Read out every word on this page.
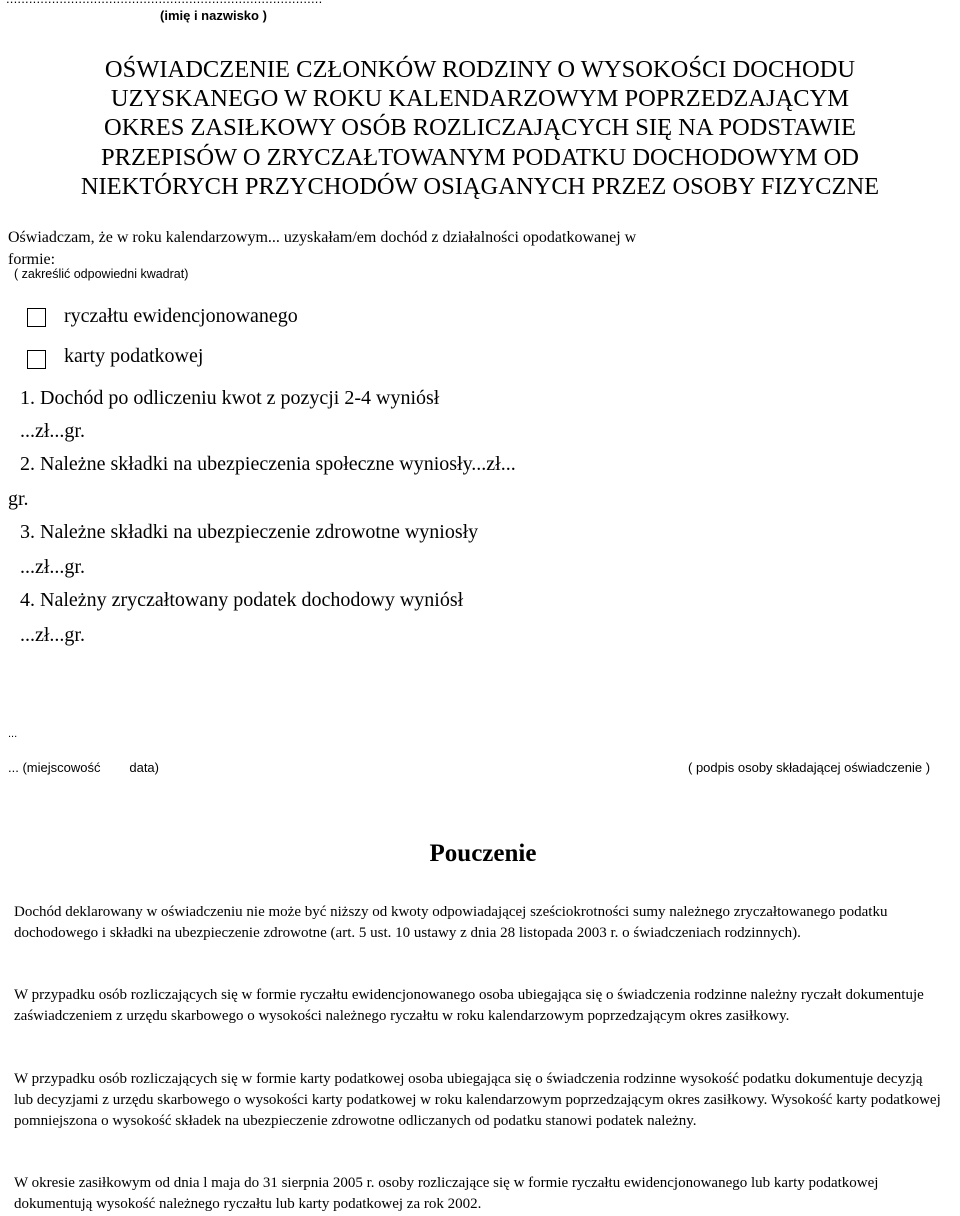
(imię i nazwisko )
OŚWIADCZENIE CZŁONKÓW RODZINY O WYSOKOŚCI DOCHODU
UZYSKANEGO W ROKU KALENDARZOWYM POPRZEDZAJĄCYM
OKRES ZASIŁKOWY OSÓB ROZLICZAJĄCYCH SIĘ NA PODSTAWIE
PRZEPISÓW O ZRYCZAŁTOWANYM PODATKU DOCHODOWYM OD
NIEKTÓRYCH PRZYCHODÓW OSIĄGANYCH PRZEZ OSOBY FIZYCZNE
Oświadczam, że w roku kalendarzowym... uzyskałam/em dochód z działalności opodatkowanej w
formie:
( zakreślić odpowiedni kwadrat)
ryczałtu ewidencjonowanego
karty podatkowej
1. Dochód po odliczeniu kwot z pozycji 2-4 wyniósł
...zł...gr.
2. Należne składki na ubezpieczenia społeczne wyniosły...zł...
gr.
3. Należne składki na ubezpieczenie zdrowotne wyniosły
...zł...gr.
4. Należny zryczałtowany podatek dochodowy wyniósł
...zł...gr.
...
... (miejscowość        data)	( podpis osoby składającej oświadczenie )
Pouczenie
Dochód deklarowany w oświadczeniu nie może być niższy od kwoty odpowiadającej sześciokrotności sumy należnego zryczałtowanego podatku dochodowego i składki na ubezpieczenie zdrowotne (art. 5 ust. 10 ustawy z dnia 28 listopada 2003 r. o świadczeniach rodzinnych).
W przypadku osób rozliczających się w formie ryczałtu ewidencjonowanego osoba ubiegająca się o świadczenia rodzinne należny ryczałt dokumentuje zaświadczeniem z urzędu skarbowego o wysokości należnego ryczałtu w roku kalendarzowym poprzedzającym okres zasiłkowy.
W przypadku osób rozliczających się w formie karty podatkowej osoba ubiegająca się o świadczenia rodzinne wysokość podatku dokumentuje decyzją lub decyzjami z urzędu skarbowego o wysokości karty podatkowej w roku kalendarzowym poprzedzającym okres zasiłkowy. Wysokość karty podatkowej pomniejszona o wysokość składek na ubezpieczenie zdrowotne odliczanych od podatku stanowi podatek należny.
W okresie zasiłkowym od dnia l maja do 31 sierpnia 2005 r. osoby rozliczające się w formie ryczałtu ewidencjonowanego lub karty podatkowej dokumentują wysokość należnego ryczałtu lub karty podatkowej za rok 2002.
